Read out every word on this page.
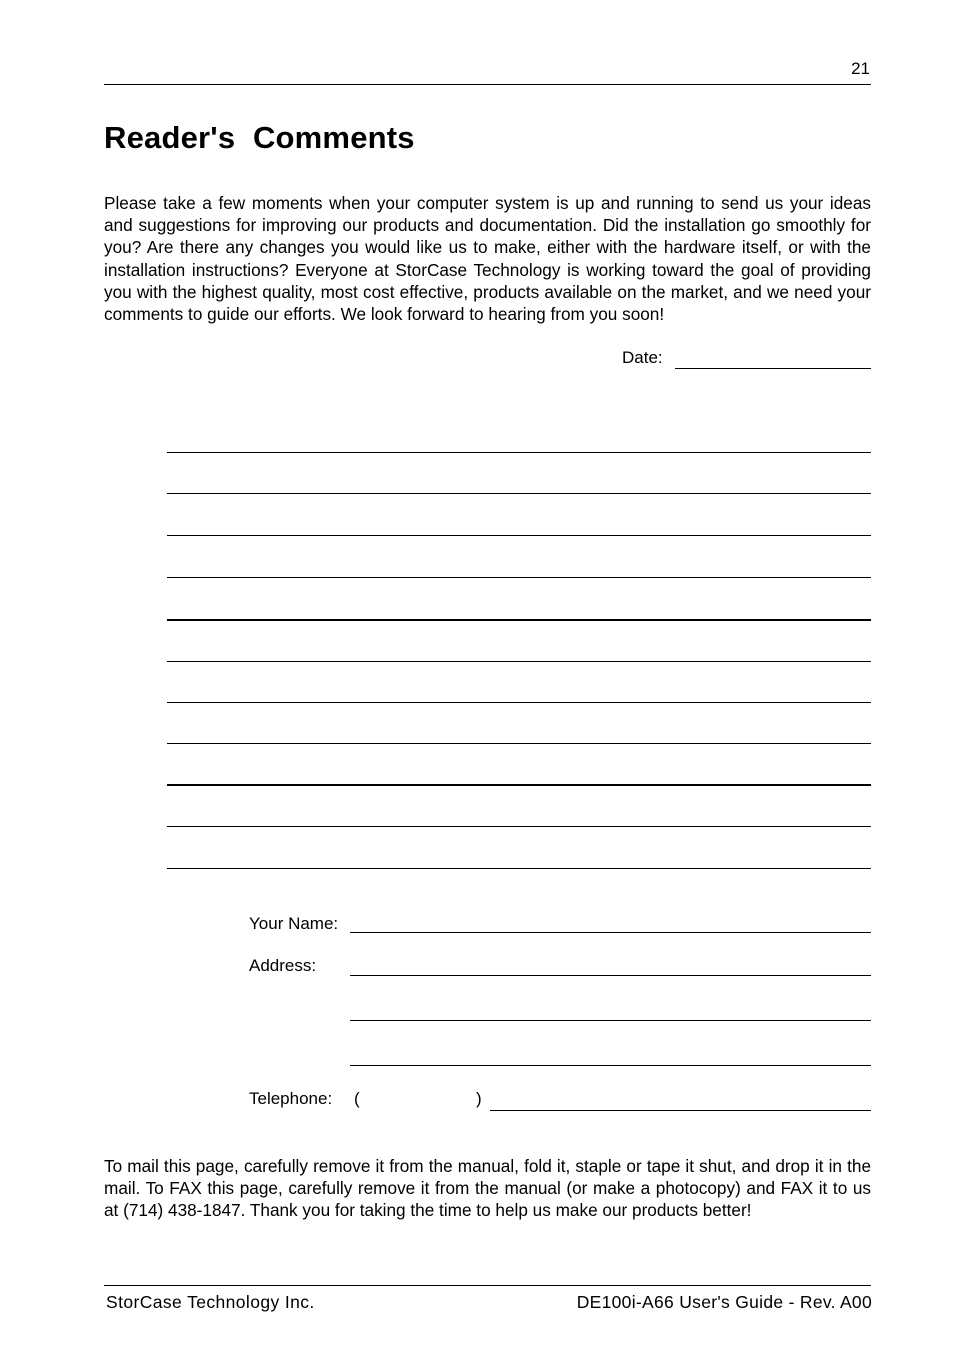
21
Reader's  Comments

Please take a few moments when your computer system is up and running to send us your ideas and suggestions for improving our products and documentation. Did the installation go smoothly for you? Are there any changes you would like us to make, either with the hardware itself, or with the installation instructions? Everyone at StorCase Technology is working toward the goal of providing you with the highest quality, most cost effective, products available on the market, and we need your comments to guide our efforts. We look forward to hearing from you soon!

Date:
Your Name:
Address:
Telephone: (	)

To mail this page, carefully remove it from the manual, fold it, staple or tape it shut, and drop it in the mail. To FAX this page, carefully remove it from the manual (or make a photocopy) and FAX it to us at (714) 438-1847. Thank you for taking the time to help us make our products better!

StorCase Technology Inc.	DE100i-A66 User's Guide - Rev. A00
